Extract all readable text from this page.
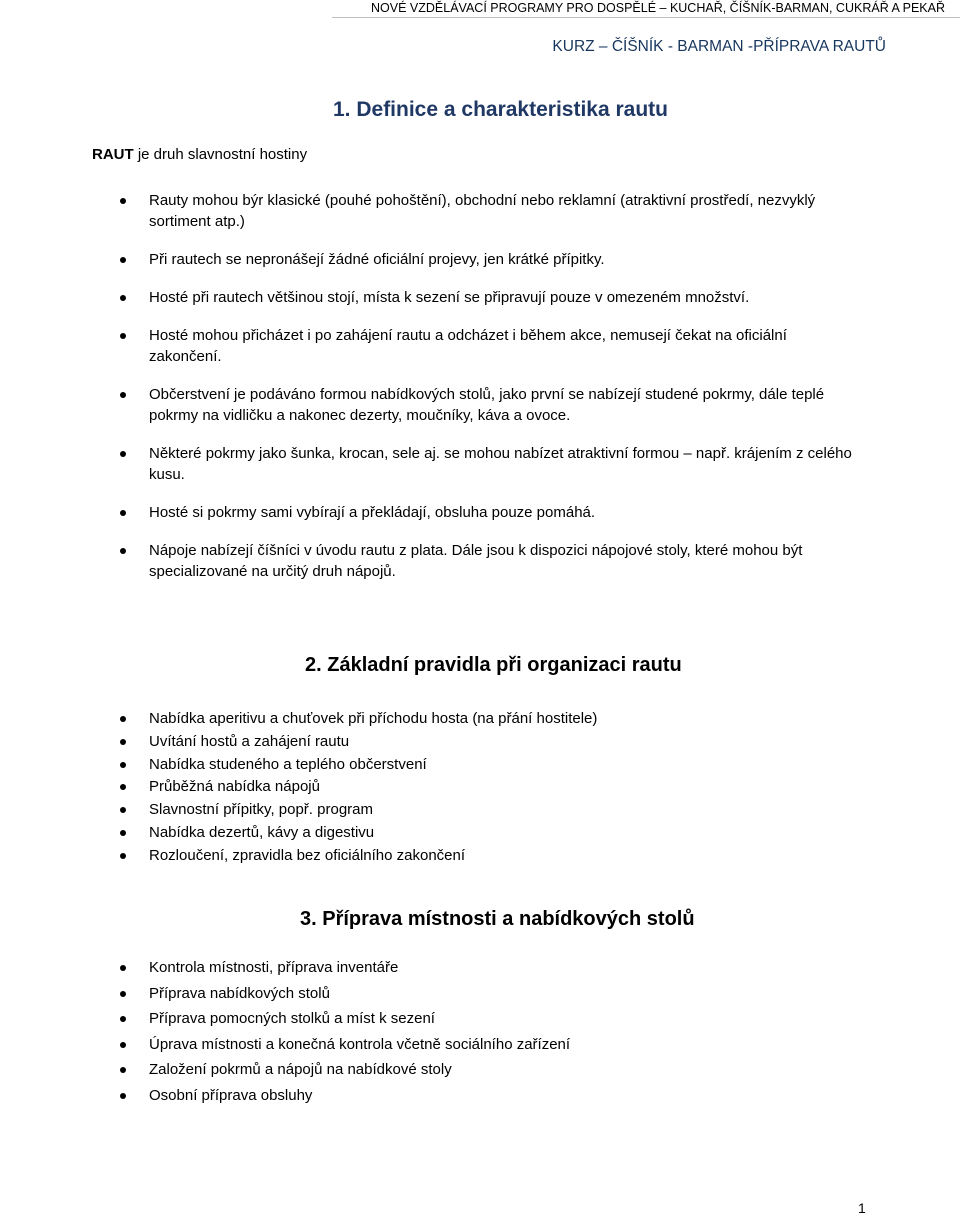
NOVÉ VZDĚLÁVACÍ PROGRAMY PRO DOSPĚLÉ – KUCHAŘ, ČÍŠNÍK-BARMAN, CUKRÁŘ A PEKAŘ
KURZ – ČÍŠNÍK - BARMAN -PŘÍPRAVA RAUTŮ
1. Definice a charakteristika rautu
RAUT je druh slavnostní hostiny
Rauty mohou býr klasické (pouhé pohoštění), obchodní nebo reklamní (atraktivní prostředí, nezvyklý sortiment atp.)
Při rautech se nepronášejí žádné oficiální projevy, jen krátké přípitky.
Hosté při rautech většinou stojí, místa k sezení se připravují pouze v omezeném množství.
Hosté mohou přicházet i po zahájení rautu a odcházet i během akce, nemusejí čekat na oficiální zakončení.
Občerstvení je podáváno formou nabídkových stolů, jako první se nabízejí studené pokrmy, dále teplé pokrmy na vidličku a nakonec dezerty, moučníky, káva a ovoce.
Některé pokrmy jako šunka, krocan, sele aj. se mohou nabízet atraktivní formou – např. krájením z celého kusu.
Hosté si pokrmy sami vybírají a překládají, obsluha pouze pomáhá.
Nápoje nabízejí číšníci v úvodu rautu z plata. Dále jsou k dispozici nápojové stoly, které mohou být specializované na určitý druh nápojů.
2. Základní pravidla při organizaci rautu
Nabídka aperitivu a chuťovek při příchodu hosta (na přání hostitele)
Uvítání hostů a zahájení rautu
Nabídka studeného a teplého občerstvení
Průběžná nabídka nápojů
Slavnostní přípitky, popř. program
Nabídka dezertů, kávy a digestivu
Rozloučení, zpravidla bez oficiálního zakončení
3. Příprava místnosti a nabídkových stolů
Kontrola místnosti, příprava inventáře
Příprava nabídkových stolů
Příprava pomocných stolků a míst k sezení
Úprava místnosti a konečná kontrola včetně sociálního zařízení
Založení pokrmů a nápojů na nabídkové stoly
Osobní příprava obsluhy
1
